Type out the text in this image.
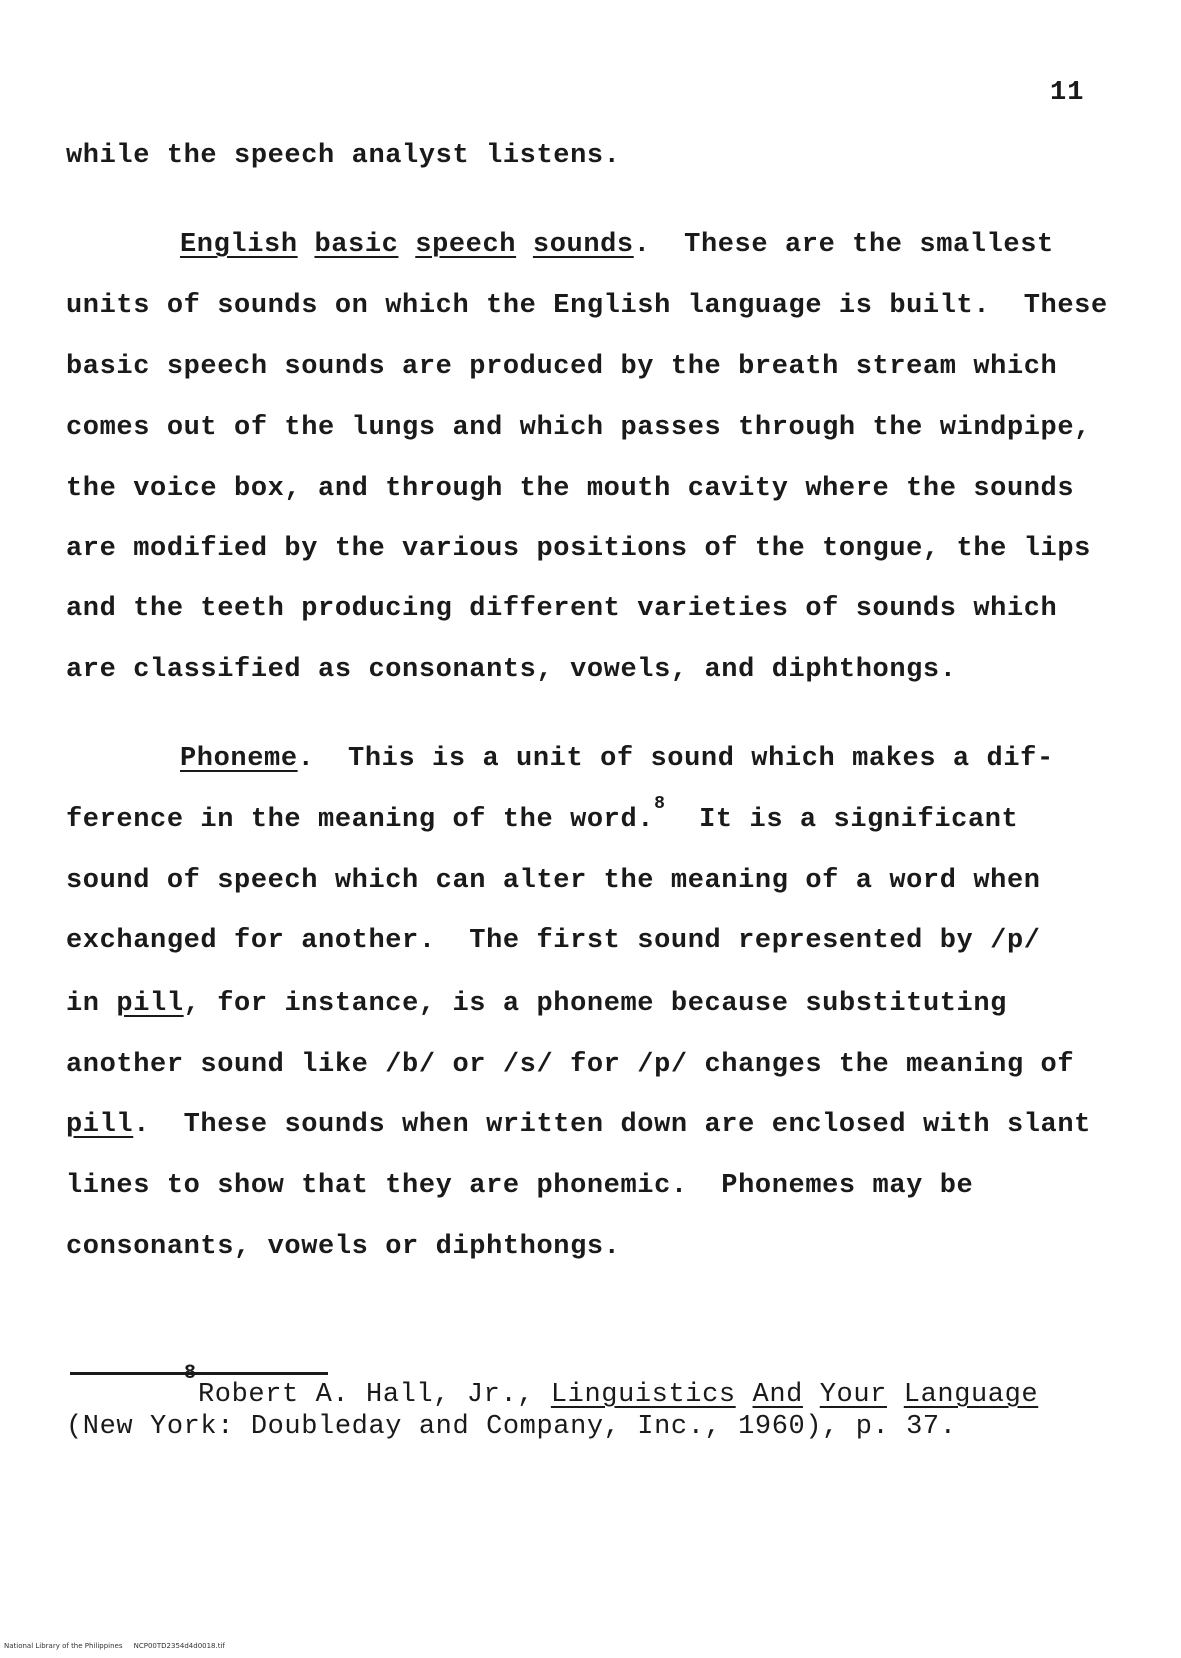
11
while the speech analyst listens.
English basic speech sounds.  These are the smallest
units of sounds on which the English language is built.  These
basic speech sounds are produced by the breath stream which
comes out of the lungs and which passes through the windpipe,
the voice box, and through the mouth cavity where the sounds
are modified by the various positions of the tongue, the lips
and the teeth producing different varieties of sounds which
are classified as consonants, vowels, and diphthongs.
Phoneme.  This is a unit of sound which makes a dif-
ference in the meaning of the word.$^8$  It is a significant
sound of speech which can alter the meaning of a word when
exchanged for another.  The first sound represented by /p/
in pill, for instance, is a phoneme because substituting
another sound like /b/ or /s/ for /p/ changes the meaning of
pill.  These sounds when written down are enclosed with slant
lines to show that they are phonemic.  Phonemes may be
consonants, vowels or diphthongs.
8
Robert A. Hall, Jr., Linguistics And Your Language
(New York: Doubleday and Company, Inc., 1960), p. 37.
National Library of the Philippines     NCP00TD2354d4d0018.tif
